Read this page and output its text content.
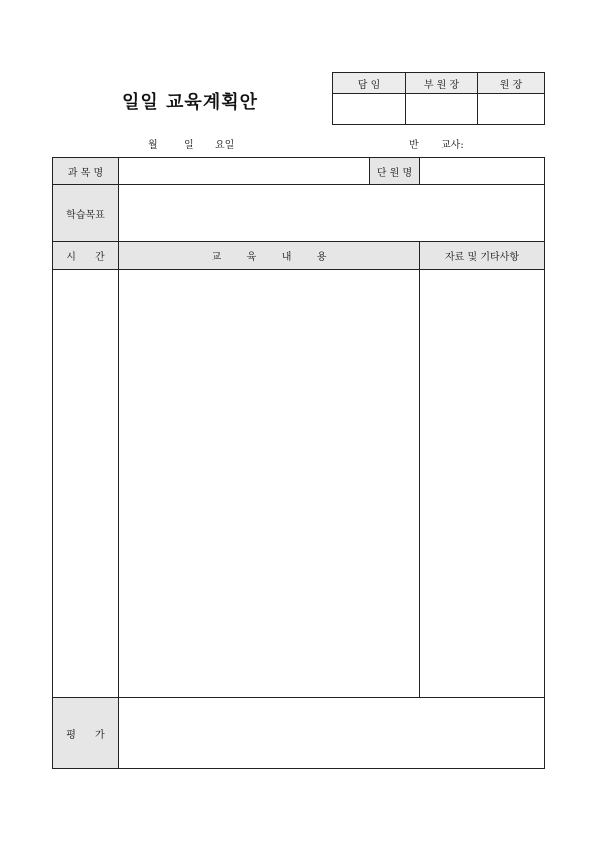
일일 교육계획안
담 임	부 원 장	원 장

월	일 요일	반 교사:
과 목 명		단 원 명	
학습목표			
시      간	교        육        내        용		자료 및 기타사항

평      가			
